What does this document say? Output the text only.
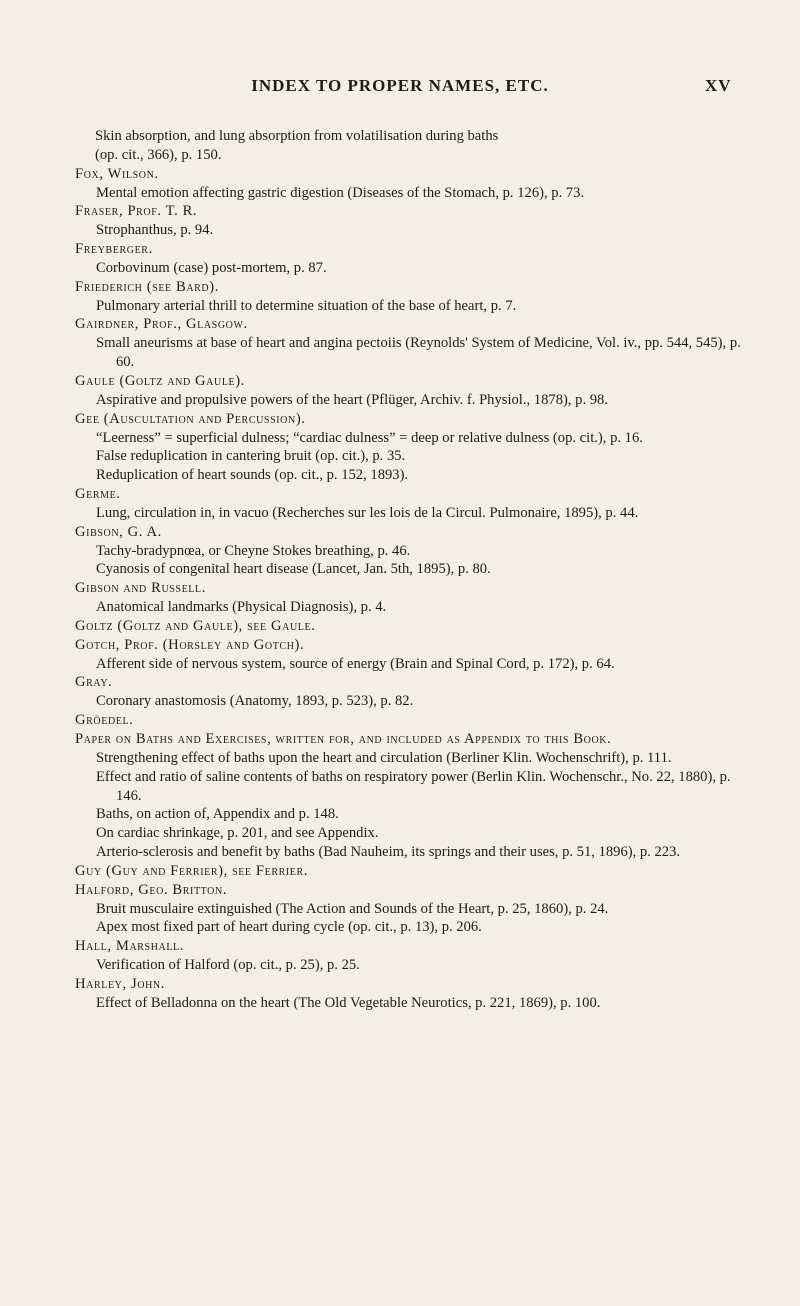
INDEX TO PROPER NAMES, ETC.	XV

Skin absorption, and lung absorption from volatilisation during baths
(op. cit., 366), p. 150.

Fox, Wilson.

Mental emotion affecting gastric digestion (Diseases of the Stomach, p. 126), p. 73.

Fraser, Prof. T. R.

Strophanthus, p. 94.

Freyberger.

Corbovinum (case) post-mortem, p. 87.

Friederich (see Bard).

Pulmonary arterial thrill to determine situation of the base of heart, p. 7.

Gairdner, Prof., Glasgow.

Small aneurisms at base of heart and angina pectoiis (Reynolds' System of Medicine, Vol. iv., pp. 544, 545), p. 60.

Gaule (Goltz and Gaule).

Aspirative and propulsive powers of the heart (Pflüger, Archiv. f. Physiol., 1878), p. 98.

Gee (Auscultation and Percussion).

“Leerness” = superficial dulness; “cardiac dulness” = deep or relative dulness (op. cit.), p. 16.

False reduplication in cantering bruit (op. cit.), p. 35.

Reduplication of heart sounds (op. cit., p. 152, 1893).

Germe.

Lung, circulation in, in vacuo (Recherches sur les lois de la Circul. Pulmonaire, 1895), p. 44.

Gibson, G. A.

Tachy-bradypnœa, or Cheyne Stokes breathing, p. 46.

Cyanosis of congenital heart disease (Lancet, Jan. 5th, 1895), p. 80.

Gibson and Russell.

Anatomical landmarks (Physical Diagnosis), p. 4.

Goltz (Goltz and Gaule), see Gaule.

Gotch, Prof. (Horsley and Gotch).

Afferent side of nervous system, source of energy (Brain and Spinal Cord, p. 172), p. 64.

Gray.

Coronary anastomosis (Anatomy, 1893, p. 523), p. 82.

Gröedel.

Paper on Baths and Exercises, written for, and included as Appendix to this Book.

Strengthening effect of baths upon the heart and circulation (Berliner Klin. Wochenschrift), p. 111.

Effect and ratio of saline contents of baths on respiratory power (Berlin Klin. Wochenschr., No. 22, 1880), p. 146.

Baths, on action of, Appendix and p. 148.

On cardiac shrinkage, p. 201, and see Appendix.

Arterio-sclerosis and benefit by baths (Bad Nauheim, its springs and their uses, p. 51, 1896), p. 223.

Guy (Guy and Ferrier), see Ferrier.

Halford, Geo. Britton.

Bruit musculaire extinguished (The Action and Sounds of the Heart, p. 25, 1860), p. 24.

Apex most fixed part of heart during cycle (op. cit., p. 13), p. 206.

Hall, Marshall.

Verification of Halford (op. cit., p. 25), p. 25.

Harley, John.

Effect of Belladonna on the heart (The Old Vegetable Neurotics, p. 221, 1869), p. 100.
